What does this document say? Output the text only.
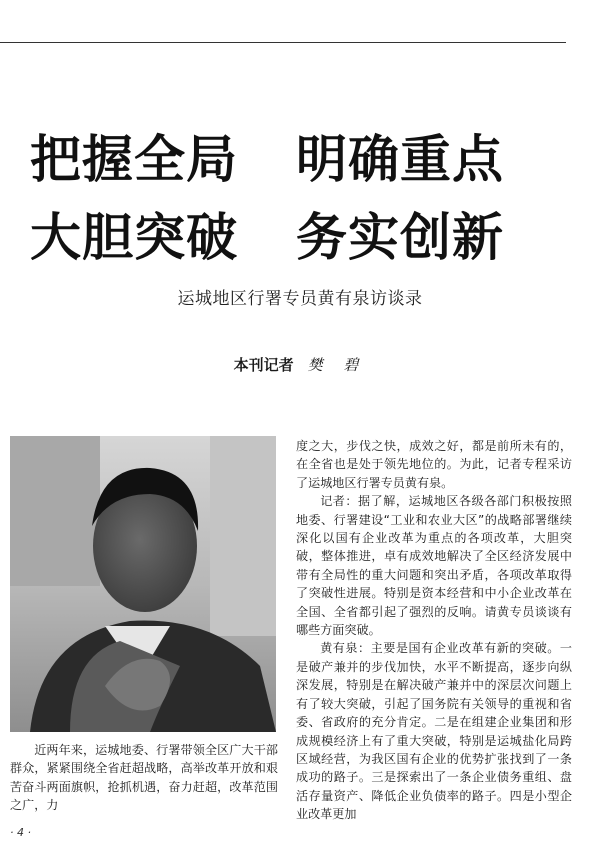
把握全局 明确重点
大胆突破 务实创新
运城地区行署专员黄有泉访谈录
本刊记者 樊 碧

近两年来，运城地委、行署带领全区广大干部群众，紧紧围绕全省赶超战略，高举改革开放和艰苦奋斗两面旗帜，抢抓机遇，奋力赶超，改革范围之广，力

度之大，步伐之快，成效之好，都是前所未有的，在全省也是处于领先地位的。为此，记者专程采访了运城地区行署专员黄有泉。

记者：据了解，运城地区各级各部门积极按照地委、行署建设“工业和农业大区”的战略部署继续深化以国有企业改革为重点的各项改革，大胆突破，整体推进，卓有成效地解决了全区经济发展中带有全局性的重大问题和突出矛盾，各项改革取得了突破性进展。特别是资本经营和中小企业改革在全国、全省都引起了强烈的反响。请黄专员谈谈有哪些方面突破。

黄有泉：主要是国有企业改革有新的突破。一是破产兼并的步伐加快，水平不断提高，逐步向纵深发展，特别是在解决破产兼并中的深层次问题上有了较大突破，引起了国务院有关领导的重视和省委、省政府的充分肯定。二是在组建企业集团和形成规模经济上有了重大突破，特别是运城盐化局跨区域经营，为我区国有企业的优势扩张找到了一条成功的路子。三是探索出了一条企业债务重组、盘活存量资产、降低企业负债率的路子。四是小型企业改革更加

· 4 ·
